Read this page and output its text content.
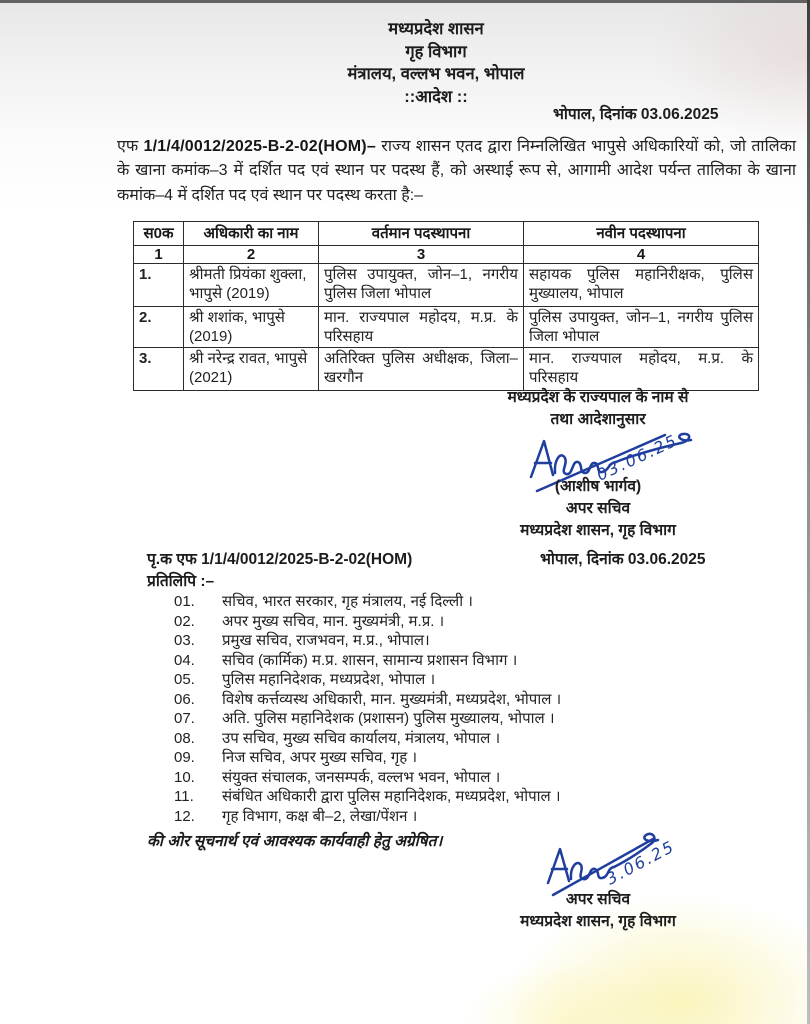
मध्यप्रदेश शासन
गृह विभाग
मंत्रालय, वल्लभ भवन, भोपाल
::आदेश ::
भोपाल, दिनांक 03.06.2025
एफ 1/1/4/0012/2025-B-2-02(HOM)– राज्य शासन एतद द्वारा निम्नलिखित भापुसे अधिकारियों को, जो तालिका के खाना कमांक–3 में दर्शित पद एवं स्थान पर पदस्थ हैं, को अस्थाई रूप से, आगामी आदेश पर्यन्त तालिका के खाना कमांक–4 में दर्शित पद एवं स्थान पर पदस्थ करता है:–
स0क	अधिकारी का नाम	वर्तमान पदस्थापना	नवीन पदस्थापना
1	2	3	4
1.	श्रीमती प्रियंका शुक्ला, भापुसे (2019)	पुलिस उपायुक्त, जोन–1, नगरीय पुलिस जिला भोपाल	सहायक पुलिस महानिरीक्षक, पुलिस मुख्यालय, भोपाल
2.	श्री शशांक, भापुसे (2019)	मान. राज्यपाल महोदय, म.प्र. के परिसहाय	पुलिस उपायुक्त, जोन–1, नगरीय पुलिस जिला भोपाल
3.	श्री नरेन्द्र रावत, भापुसे (2021)	अतिरिक्त पुलिस अधीक्षक, जिला–खरगौन	मान. राज्यपाल महोदय, म.प्र. के परिसहाय
मध्यप्रदेश के राज्यपाल के नाम से
तथा आदेशानुसार
03.06.25
(आशीष भार्गव)
अपर सचिव
मध्यप्रदेश शासन, गृह विभाग
पृ.क एफ 1/1/4/0012/2025-B-2-02(HOM)	भोपाल, दिनांक 03.06.2025
प्रतिलिपि :–
01.	सचिव, भारत सरकार, गृह मंत्रालय, नई दिल्ली ।
02.	अपर मुख्य सचिव, मान. मुख्यमंत्री, म.प्र. ।
03.	प्रमुख सचिव, राजभवन, म.प्र., भोपाल।
04.	सचिव (कार्मिक) म.प्र. शासन, सामान्य प्रशासन विभाग ।
05.	पुलिस महानिदेशक, मध्यप्रदेश, भोपाल ।
06.	विशेष कर्त्तव्यस्थ अधिकारी, मान. मुख्यमंत्री, मध्यप्रदेश, भोपाल ।
07.	अति. पुलिस महानिदेशक (प्रशासन) पुलिस मुख्यालय, भोपाल ।
08.	उप सचिव, मुख्य सचिव कार्यालय, मंत्रालय, भोपाल ।
09.	निज सचिव, अपर मुख्य सचिव, गृह ।
10.	संयुक्त संचालक, जनसम्पर्क, वल्लभ भवन, भोपाल ।
11.	संबंधित अधिकारी द्वारा पुलिस महानिदेशक, मध्यप्रदेश, भोपाल ।
12.	गृह विभाग, कक्ष बी–2, लेखा/पेंशन ।
की ओर सूचनार्थ एवं आवश्यक कार्यवाही हेतु अग्रेषित।	3.06.25
अपर सचिव
मध्यप्रदेश शासन, गृह विभाग
